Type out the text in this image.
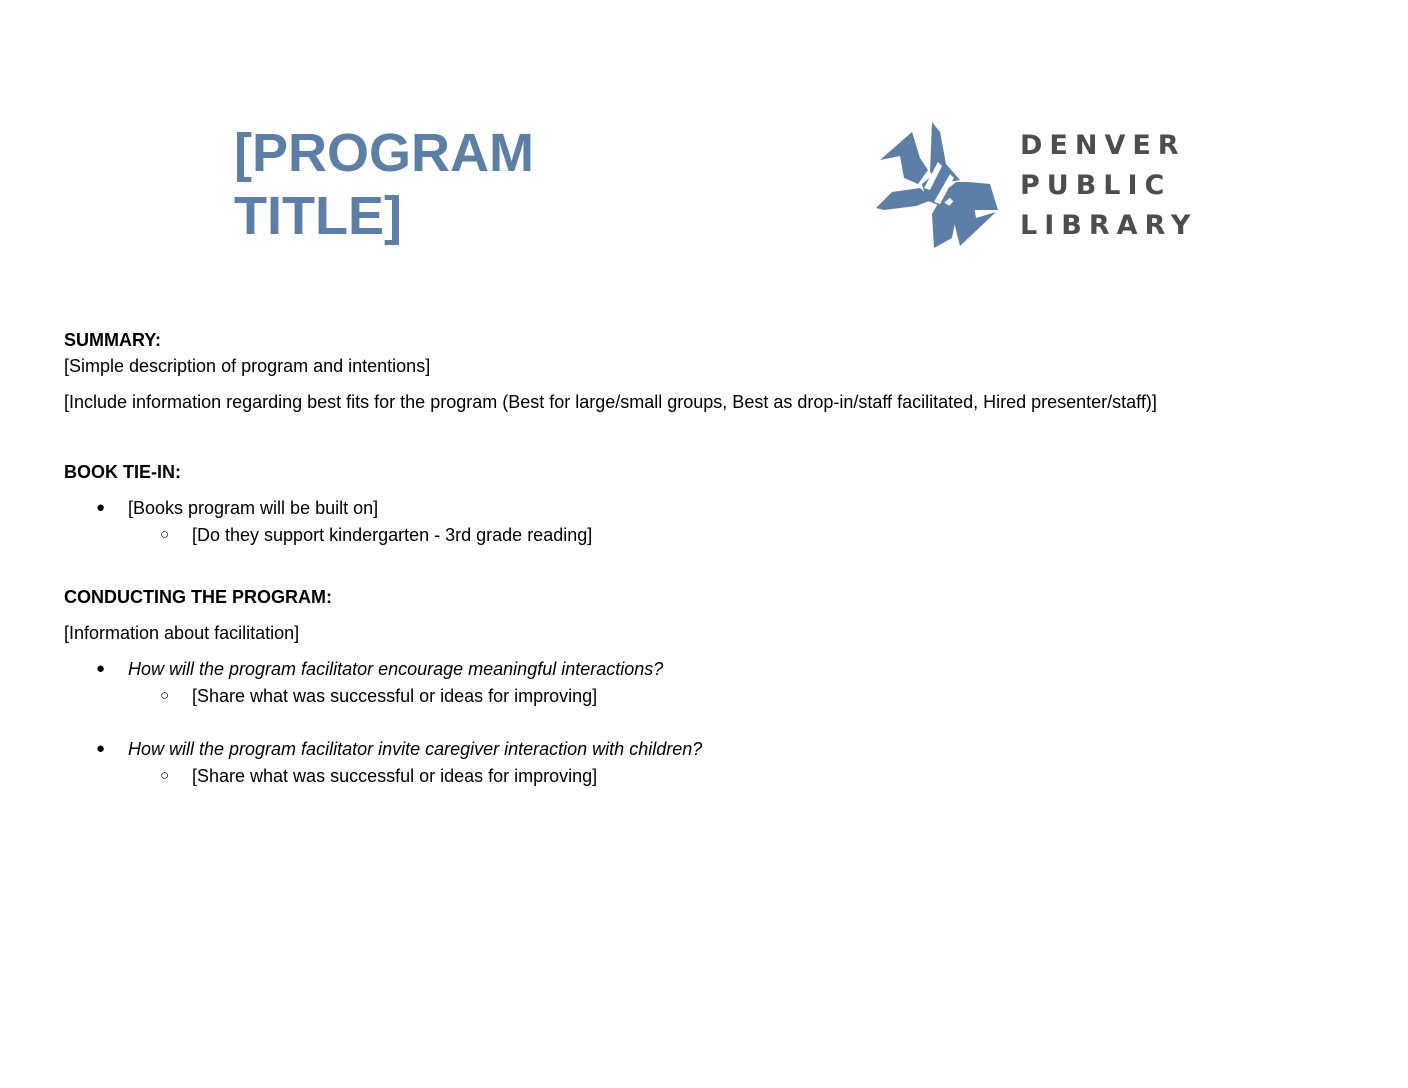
[PROGRAM
TITLE]
DENVER
PUBLIC
LIBRARY

SUMMARY:

[Simple description of program and intentions]

[Include information regarding best fits for the program (Best for large/small groups, Best as drop-in/staff facilitated, Hired presenter/staff)]

BOOK TIE-IN:

● [Books program will be built on]
○ [Do they support kindergarten - 3rd grade reading]

CONDUCTING THE PROGRAM:

[Information about facilitation]

● How will the program facilitator encourage meaningful interactions?
○ [Share what was successful or ideas for improving]
● How will the program facilitator invite caregiver interaction with children?
○ [Share what was successful or ideas for improving]
